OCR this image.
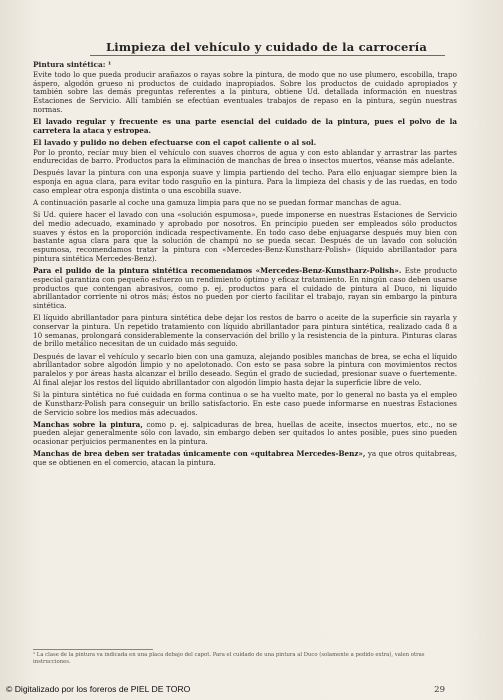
Limpieza del vehículo y cuidado de la carrocería

Pintura sintética: ¹

Evite todo lo que pueda producir arañazos o rayas sobre la pintura, de modo que no use plumero, escobilla, trapo áspero, algodón grueso ni productos de cuidado inapropiados. Sobre los productos de cuidado apropiados y también sobre las demás preguntas referentes a la pintura, obtiene Ud. detallada información en nuestras Estaciones de Servicio. Allí también se efectúan eventuales trabajos de repaso en la pintura, según nuestras normas.

El lavado regular y frecuente es una parte esencial del cuidado de la pintura, pues el polvo de la carretera la ataca y estropea.

El lavado y pulido no deben efectuarse con el capot caliente o al sol.

Por lo pronto, recíar muy bien el vehículo con suaves chorros de agua y con esto ablandar y arrastrar las partes endurecidas de barro. Productos para la eliminación de manchas de brea o insectos muertos, véanse más adelante.

Después lavar la pintura con una esponja suave y limpia partiendo del techo. Para ello enjuagar siempre bien la esponja en agua clara, para evitar todo rasguño en la pintura. Para la limpieza del chasis y de las ruedas, en todo caso emplear otra esponja distinta o una escobilla suave.

A continuación pasarle al coche una gamuza limpia para que no se puedan formar manchas de agua.

Si Ud. quiere hacer el lavado con una «solución espumosa», puede imponerse en nuestras Estaciones de Servicio del medio adecuado, examinado y aprobado por nosotros. En principio pueden ser empleados sólo productos suaves y éstos en la proporción indicada respectivamente. En todo caso debe enjuagarse después muy bien con bastante agua clara para que la solución de champú no se pueda secar. Después de un lavado con solución espumosa, recomendamos tratar la pintura con «Mercedes-Benz-Kunstharz-Polish» (líquido abrillantador para pintura sintética Mercedes-Benz).

Para el pulido de la pintura sintética recomendamos «Mercedes-Benz-Kunstharz-Polish». Este producto especial garantiza con pequeño esfuerzo un rendimiento óptimo y eficaz tratamiento. En ningún caso deben usarse productos que contengan abrasivos, como p. ej. productos para el cuidado de pintura al Duco, ni líquido abrillantador corriente ni otros más; éstos no pueden por cierto facilitar el trabajo, rayan sin embargo la pintura sintética.

El líquido abrillantador para pintura sintética debe dejar los restos de barro o aceite de la superficie sin rayarla y conservar la pintura. Un repetido tratamiento con líquido abrillantador para pintura sintética, realizado cada 8 a 10 semanas, prolongará considerablemente la conservación del brillo y la resistencia de la pintura. Pinturas claras de brillo metálico necesitan de un cuidado más seguido.

Después de lavar el vehículo y secarlo bien con una gamuza, alejando posibles manchas de brea, se echa el líquido abrillantador sobre algodón limpio y no apelotonado. Con esto se pasa sobre la pintura con movimientos rectos paralelos y por áreas hasta alcanzar el brillo deseado. Según el grado de suciedad, presionar suave o fuertemente. Al final alejar los restos del líquido abrillantador con algodón limpio hasta dejar la superficie libre de velo.

Si la pintura sintética no fué cuidada en forma continua o se ha vuelto mate, por lo general no basta ya el empleo de Kunstharz-Polish para conseguir un brillo satisfactorio. En este caso puede informarse en nuestras Estaciones de Servicio sobre los medios más adecuados.

Manchas sobre la pintura, como p. ej. salpicaduras de brea, huellas de aceite, insectos muertos, etc., no se pueden alejar generalmente sólo con lavado, sin embargo deben ser quitados lo antes posible, pues sino pueden ocasionar perjuicios permanentes en la pintura.

Manchas de brea deben ser tratadas únicamente con «quitabrea Mercedes-Benz», ya que otros quitabreas, que se obtienen en el comercio, atacan la pintura.

¹ La clase de la pintura va indicada en una placa debajo del capot. Para el cuidado de una pintura al Duco (solamente a pedido extra), valen otras instrucciones.
© Digitalizado por los foreros de PIEL DE TORO	29
